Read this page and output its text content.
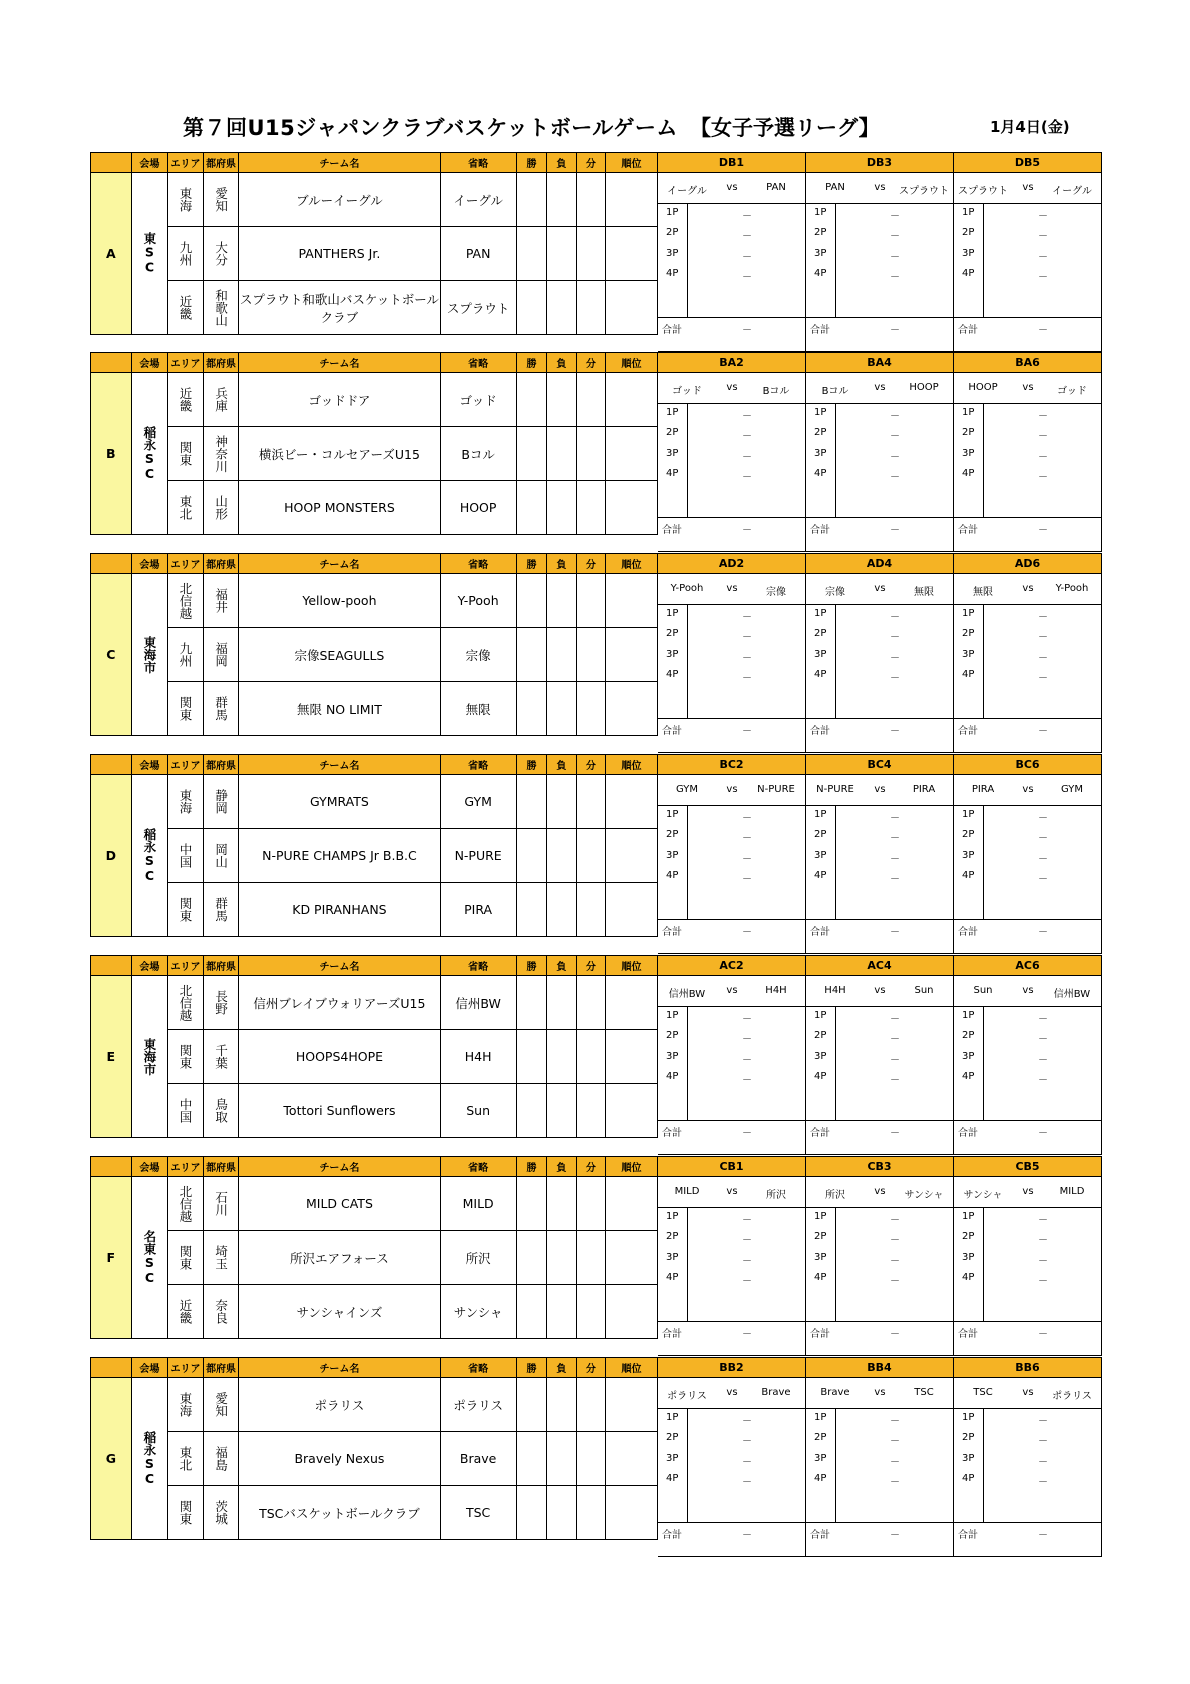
第７回U15ジャパンクラブバスケットボールゲーム 【女子予選リーグ】	1月4日(金)
	会場	エリア	都府県	チーム名	省略	勝	負	分	順位
A	東SC	東海	愛知	ブルーイーグル	イーグル				

		九州	大分	PANTHERS Jr.	PAN				

		近畿	和歌山	スプラウト和歌山バスケットボールクラブ	スプラウト				
DB1
イーグル	vs	PAN
1P	－
2P	－
3P	－
4P	－
合計	－
DB3
PAN	vs	スプラウト
1P	－
2P	－
3P	－
4P	－
合計	－
DB5
スプラウト	vs	イーグル
1P	－
2P	－
3P	－
4P	－
合計	－
	会場	エリア	都府県	チーム名	省略	勝	負	分	順位
B	稲永SC	近畿	兵庫	ゴッドドア	ゴッド				

		関東	神奈川	横浜ビー・コルセアーズU15	Bコル				

		東北	山形	HOOP MONSTERS	HOOP				
BA2
ゴッド	vs	Bコル
1P	－
2P	－
3P	－
4P	－
合計	－
BA4
Bコル	vs	HOOP
1P	－
2P	－
3P	－
4P	－
合計	－
BA6
HOOP	vs	ゴッド
1P	－
2P	－
3P	－
4P	－
合計	－
	会場	エリア	都府県	チーム名	省略	勝	負	分	順位
C	東海市	北信越	福井	Yellow-pooh	Y-Pooh				

		九州	福岡	宗像SEAGULLS	宗像				

		関東	群馬	無限 NO LIMIT	無限				
AD2
Y-Pooh	vs	宗像
1P	－
2P	－
3P	－
4P	－
合計	－
AD4
宗像	vs	無限
1P	－
2P	－
3P	－
4P	－
合計	－
AD6
無限	vs	Y-Pooh
1P	－
2P	－
3P	－
4P	－
合計	－
	会場	エリア	都府県	チーム名	省略	勝	負	分	順位
D	稲永SC	東海	静岡	GYMRATS	GYM				

		中国	岡山	N-PURE CHAMPS Jr B.B.C	N-PURE				

		関東	群馬	KD PIRANHANS	PIRA				
BC2
GYM	vs	N-PURE
1P	－
2P	－
3P	－
4P	－
合計	－
BC4
N-PURE	vs	PIRA
1P	－
2P	－
3P	－
4P	－
合計	－
BC6
PIRA	vs	GYM
1P	－
2P	－
3P	－
4P	－
合計	－
	会場	エリア	都府県	チーム名	省略	勝	負	分	順位
E	東海市	北信越	長野	信州ブレイブウォリアーズU15	信州BW				

		関東	千葉	HOOPS4HOPE	H4H				

		中国	鳥取	Tottori Sunflowers	Sun				
AC2
信州BW	vs	H4H
1P	－
2P	－
3P	－
4P	－
合計	－
AC4
H4H	vs	Sun
1P	－
2P	－
3P	－
4P	－
合計	－
AC6
Sun	vs	信州BW
1P	－
2P	－
3P	－
4P	－
合計	－
	会場	エリア	都府県	チーム名	省略	勝	負	分	順位
F	名東SC	北信越	石川	MILD CATS	MILD				

		関東	埼玉	所沢エアフォース	所沢				

		近畿	奈良	サンシャインズ	サンシャ				
CB1
MILD	vs	所沢
1P	－
2P	－
3P	－
4P	－
合計	－
CB3
所沢	vs	サンシャ
1P	－
2P	－
3P	－
4P	－
合計	－
CB5
サンシャ	vs	MILD
1P	－
2P	－
3P	－
4P	－
合計	－
	会場	エリア	都府県	チーム名	省略	勝	負	分	順位
G	稲永SC	東海	愛知	ポラリス	ポラリス				

		東北	福島	Bravely Nexus	Brave				

		関東	茨城	TSCバスケットボールクラブ	TSC				
BB2
ポラリス	vs	Brave
1P	－
2P	－
3P	－
4P	－
合計	－
BB4
Brave	vs	TSC
1P	－
2P	－
3P	－
4P	－
合計	－
BB6
TSC	vs	ポラリス
1P	－
2P	－
3P	－
4P	－
合計	－
